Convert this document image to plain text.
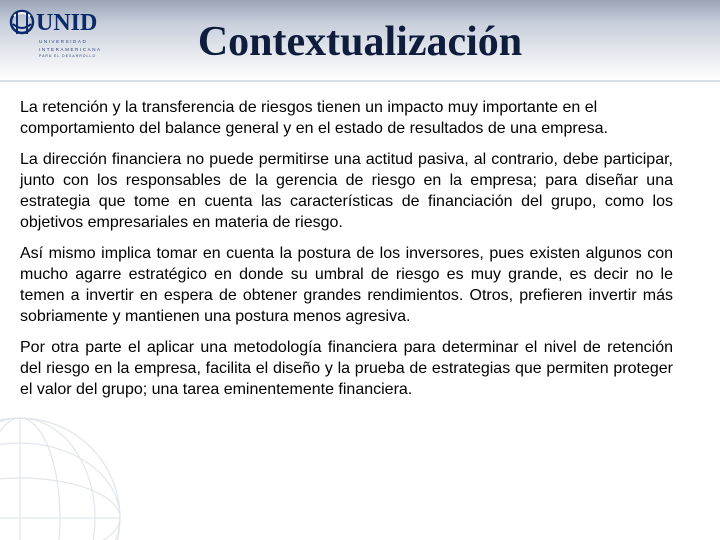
UNID
UNIVERSIDAD
INTERAMERICANA
PARA EL DESARROLLO	Contextualización

La retención y la transferencia de riesgos tienen un impacto muy importante en el comportamiento del balance general y en el estado de resultados de una empresa.

La dirección financiera no puede permitirse una actitud pasiva, al contrario, debe participar, junto con los responsables de la gerencia de riesgo en la empresa; para diseñar una estrategia que tome en cuenta las características de financiación del grupo, como los objetivos empresariales en materia de riesgo.

Así mismo implica tomar en cuenta la postura de los inversores, pues existen algunos con mucho agarre estratégico en donde su umbral de riesgo es muy grande, es decir no le temen a invertir en espera de obtener grandes rendimientos. Otros, prefieren invertir más sobriamente y mantienen una postura menos agresiva.

Por otra parte el aplicar una metodología financiera para determinar el nivel de retención del riesgo en la empresa, facilita el diseño y la prueba de estrategias que permiten proteger el valor del grupo; una tarea eminentemente financiera.
